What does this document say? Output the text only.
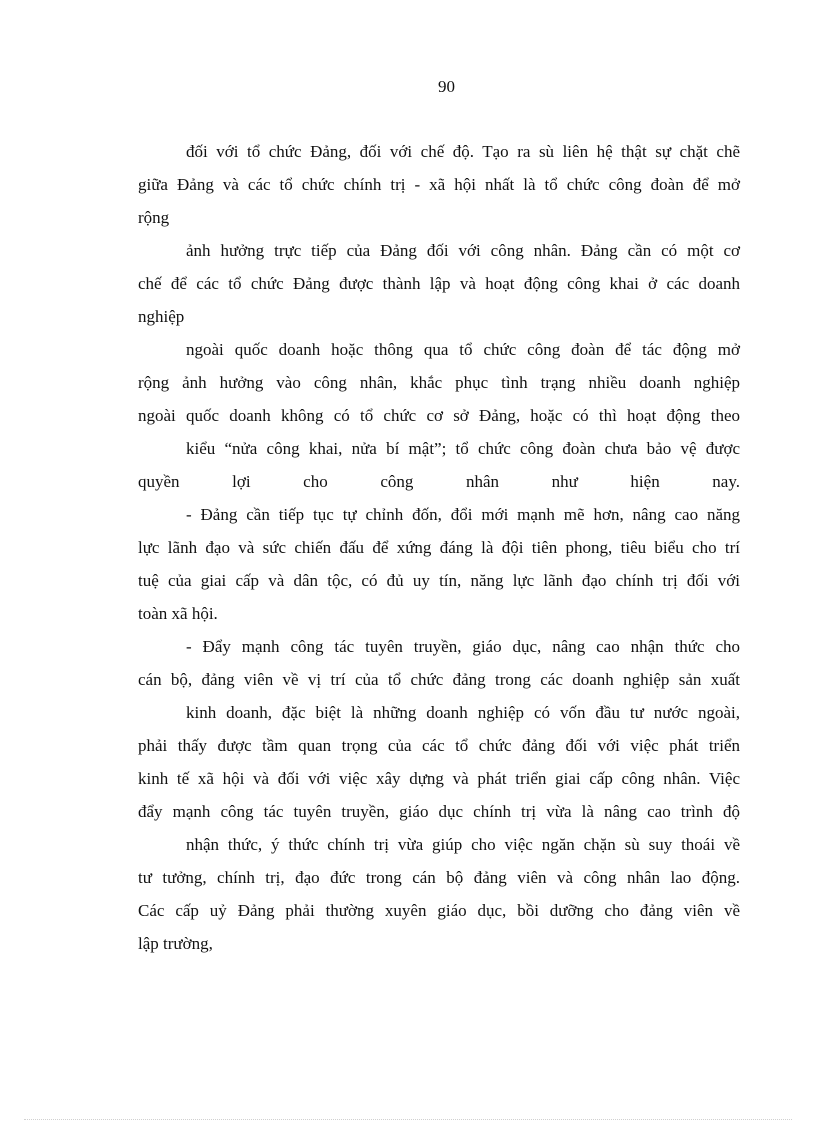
90
đối với tổ chức Đảng, đối với chế độ. Tạo ra sù liên hệ thật sự chặt chẽ
giữa Đảng và các tổ chức chính trị - xã hội nhất là tổ chức công đoàn để mở
rộng
ảnh hưởng trực tiếp của Đảng đối với công nhân. Đảng cần có một cơ
chế để các tổ chức Đảng được thành lập và hoạt động công khai ở các doanh
nghiệp
ngoài quốc doanh hoặc thông qua tổ chức công đoàn để tác động mở
rộng ảnh hưởng vào công nhân, khắc phục tình trạng nhiều doanh nghiệp
ngoài quốc doanh không có tổ chức cơ sở Đảng, hoặc có thì hoạt động theo
kiểu “nửa công khai, nửa bí mật”; tổ chức công đoàn chưa bảo vệ được
quyền lợi cho công nhân như hiện nay.
- Đảng cần tiếp tục tự chỉnh đốn, đổi mới mạnh mẽ hơn, nâng cao năng
lực lãnh đạo và sức chiến đấu để xứng đáng là đội tiên phong, tiêu biểu cho trí
tuệ của giai cấp và dân tộc, có đủ uy tín, năng lực lãnh đạo chính trị đối với
toàn xã hội.
- Đẩy mạnh công tác tuyên truyền, giáo dục, nâng cao nhận thức cho
cán bộ, đảng viên về vị trí của tổ chức đảng trong các doanh nghiệp sản xuất
kinh doanh, đặc biệt là những doanh nghiệp có vốn đầu tư nước ngoài,
phải thấy được tầm quan trọng của các tổ chức đảng đối với việc phát triển
kinh tế xã hội và đối với việc xây dựng và phát triển giai cấp công nhân. Việc
đẩy mạnh công tác tuyên truyền, giáo dục chính trị vừa là nâng cao trình độ
nhận thức, ý thức chính trị vừa giúp cho việc ngăn chặn sù suy thoái về
tư tưởng, chính trị, đạo đức trong cán bộ đảng viên và công nhân lao động.
Các cấp uỷ Đảng phải thường xuyên giáo dục, bồi dưỡng cho đảng viên về
lập trường,
